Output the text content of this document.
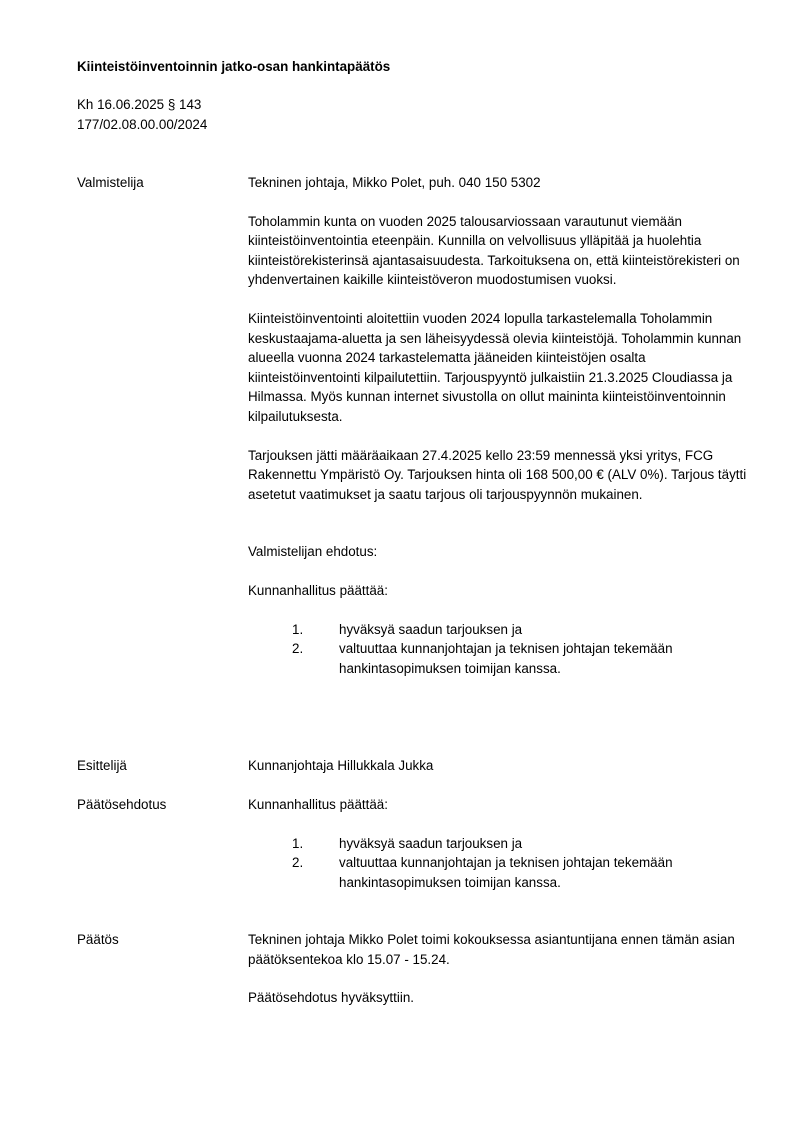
Kiinteistöinventoinnin jatko-osan hankintapäätös
Kh 16.06.2025 § 143
177/02.08.00.00/2024
Valmistelija	Tekninen johtaja, Mikko Polet, puh. 040 150 5302

Toholammin kunta on vuoden 2025 talousarviossaan varautunut viemään kiinteistöinventointia eteenpäin. Kunnilla on velvollisuus ylläpitää ja huolehtia kiinteistörekisterinsä ajantasaisuudesta. Tarkoituksena on, että kiinteistörekisteri on yhdenvertainen kaikille kiinteistöveron muodostumisen vuoksi.

Kiinteistöinventointi aloitettiin vuoden 2024 lopulla tarkastelemalla Toholammin keskustaajama-aluetta ja sen läheisyydessä olevia kiinteistöjä. Toholammin kunnan alueella vuonna 2024 tarkastelematta jääneiden kiinteistöjen osalta kiinteistöinventointi kilpailutettiin. Tarjouspyyntö julkaistiin 21.3.2025 Cloudiassa ja Hilmassa. Myös kunnan internet sivustolla on ollut maininta kiinteistöinventoinnin kilpailutuksesta.

Tarjouksen jätti määräaikaan 27.4.2025 kello 23:59 mennessä yksi yritys, FCG Rakennettu Ympäristö Oy. Tarjouksen hinta oli 168 500,00 € (ALV 0%). Tarjous täytti asetetut vaatimukset ja saatu tarjous oli tarjouspyynnön mukainen.

Valmistelijan ehdotus:

Kunnanhallitus päättää:

1.	hyväksyä saadun tarjouksen ja
2.	valtuuttaa kunnanjohtajan ja teknisen johtajan tekemään hankintasopimuksen toimijan kanssa.
Esittelijä	Kunnanjohtaja Hillukkala Jukka

Päätösehdotus	Kunnanhallitus päättää:

1.	hyväksyä saadun tarjouksen ja
2.	valtuuttaa kunnanjohtajan ja teknisen johtajan tekemään hankintasopimuksen toimijan kanssa.
Päätös	Tekninen johtaja Mikko Polet toimi kokouksessa asiantuntijana ennen tämän asian päätöksentekoa klo 15.07 - 15.24.

Päätösehdotus hyväksyttiin.
